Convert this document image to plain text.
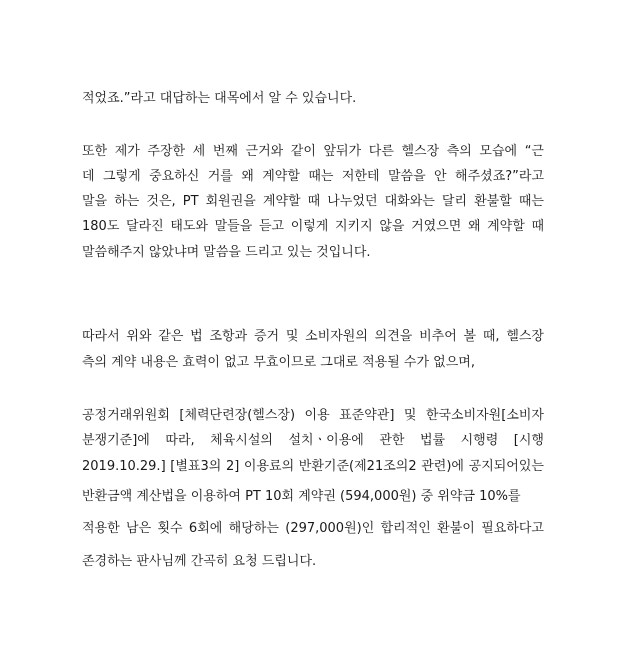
적었죠.”라고 대답하는 대목에서 알 수 있습니다.
또한 제가 주장한 세 번째 근거와 같이 앞뒤가 다른 헬스장 측의 모습에 “근
데 그렇게 중요하신 거를 왜 계약할 때는 저한테 말씀을 안 해주셨죠?”라고
말을 하는 것은, PT 회원권을 계약할 때 나누었던 대화와는 달리 환불할 때는
180도 달라진 태도와 말들을 듣고 이렇게 지키지 않을 거였으면 왜 계약할 때
말씀해주지 않았냐며 말씀을 드리고 있는 것입니다.
따라서 위와 같은 법 조항과 증거 및 소비자원의 의견을 비추어 볼 때, 헬스장
측의 계약 내용은 효력이 없고 무효이므로 그대로 적용될 수가 없으며,
공정거래위원회 [체력단련장(헬스장) 이용 표준약관] 및 한국소비자원[소비자
분쟁기준]에 따라, 체육시설의 설치ㆍ이용에 관한 법률 시행령 [시행
2019.10.29.] [별표3의 2] 이용료의 반환기준(제21조의2 관련)에 공지되어있는
반환금액 계산법을 이용하여 PT 10회 계약권 (594,000원) 중 위약금 10%를
적용한 남은 횟수 6회에 해당하는 (297,000원)인 합리적인 환불이 필요하다고
존경하는 판사님께 간곡히 요청 드립니다.
